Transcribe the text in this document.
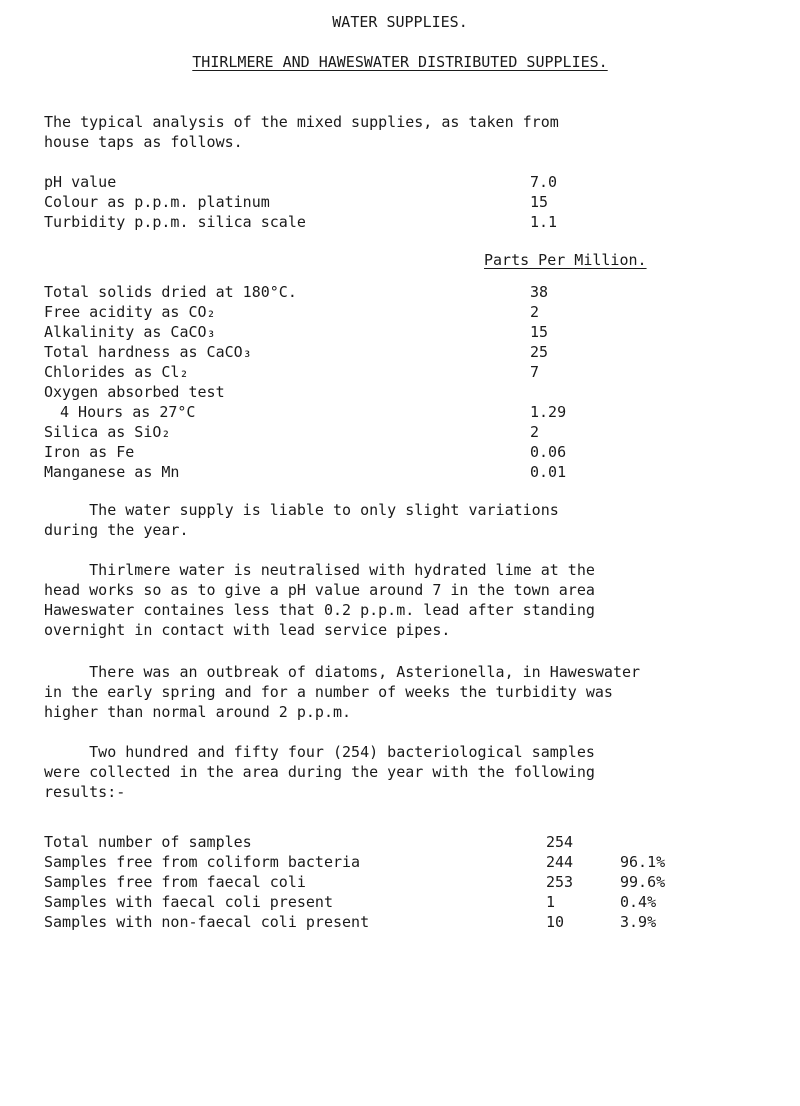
WATER SUPPLIES.
THIRLMERE AND HAWESWATER DISTRIBUTED SUPPLIES.
The typical analysis of the mixed supplies, as taken from
house taps as follows.
pH value	7.0
Colour as p.p.m. platinum	15
Turbidity p.p.m. silica scale	1.1
Parts Per Million.
Total solids dried at 180°C.	38
Free acidity as CO₂	2
Alkalinity as CaCO₃	15
Total hardness as CaCO₃	25
Chlorides as Cl₂	7
Oxygen absorbed test
4 Hours as 27°C	1.29
Silica as SiO₂	2
Iron as Fe	0.06
Manganese as Mn	0.01
The water supply is liable to only slight variations
during the year.
Thirlmere water is neutralised with hydrated lime at the
head works so as to give a pH value around 7 in the town area
Haweswater containes less that 0.2 p.p.m. lead after standing
overnight in contact with lead service pipes.
There was an outbreak of diatoms, Asterionella, in Haweswater
in the early spring and for a number of weeks the turbidity was
higher than normal around 2 p.p.m.
Two hundred and fifty four (254) bacteriological samples
were collected in the area during the year with the following
results:-
Total number of samples	254
Samples free from coliform bacteria	244	96.1%
Samples free from faecal coli	253	99.6%
Samples with faecal coli present	1	0.4%
Samples with non-faecal coli present	10	3.9%
